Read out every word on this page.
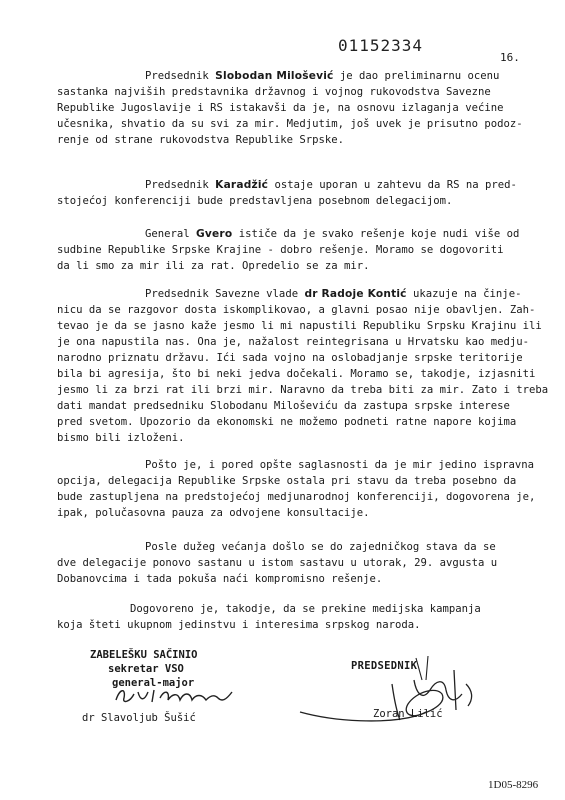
01152334
16.
Predsednik Slobodan Milošević je dao preliminarnu ocenu
sastanka najviših predstavnika državnog i vojnog rukovodstva Savezne
Republike Jugoslavije i RS istakavši da je, na osnovu izlaganja većine
učesnika, shvatio da su svi za mir. Medjutim, još uvek je prisutno podoz-
renje od strane rukovodstva Republike Srpske.
Predsednik Karadžić ostaje uporan u zahtevu da RS na pred-
stojećoj konferenciji bude predstavljena posebnom delegacijom.
General Gvero ističe da je svako rešenje koje nudi više od
sudbine Republike Srpske Krajine - dobro rešenje. Moramo se dogovoriti
da li smo za mir ili za rat. Opredelio se za mir.
Predsednik Savezne vlade dr Radoje Kontić ukazuje na činje-
nicu da se razgovor dosta iskomplikovao, a glavni posao nije obavljen. Zah-
tevao je da se jasno kaže jesmo li mi napustili Republiku Srpsku Krajinu ili
je ona napustila nas. Ona je, nažalost reintegrisana u Hrvatsku kao medju-
narodno priznatu državu. Ići sada vojno na oslobadjanje srpske teritorije
bila bi agresija, što bi neki jedva dočekali. Moramo se, takodje, izjasniti
jesmo li za brzi rat ili brzi mir. Naravno da treba biti za mir. Zato i treba
dati mandat predsedniku Slobodanu Miloševiću da zastupa srpske interese
pred svetom. Upozorio da ekonomski ne možemo podneti ratne napore kojima
bismo bili izloženi.
Pošto je, i pored opšte saglasnosti da je mir jedino ispravna
opcija, delegacija Republike Srpske ostala pri stavu da treba posebno da
bude zastupljena na predstojećoj medjunarodnoj konferenciji, dogovorena je,
ipak, polučasovna pauza za odvojene konsultacije.
Posle dužeg većanja došlo se do zajedničkog stava da se
dve delegacije ponovo sastanu u istom sastavu u utorak, 29. avgusta u
Dobanovcima i tada pokuša naći kompromisno rešenje.
Dogovoreno je, takodje, da se prekine medijska kampanja
koja šteti ukupnom jedinstvu i interesima srpskog naroda.
ZABELEŠKU SAČINIO
sekretar VSO
general-major
dr Slavoljub Šušić
PREDSEDNIK
Zoran Lilić
1D05-8296
